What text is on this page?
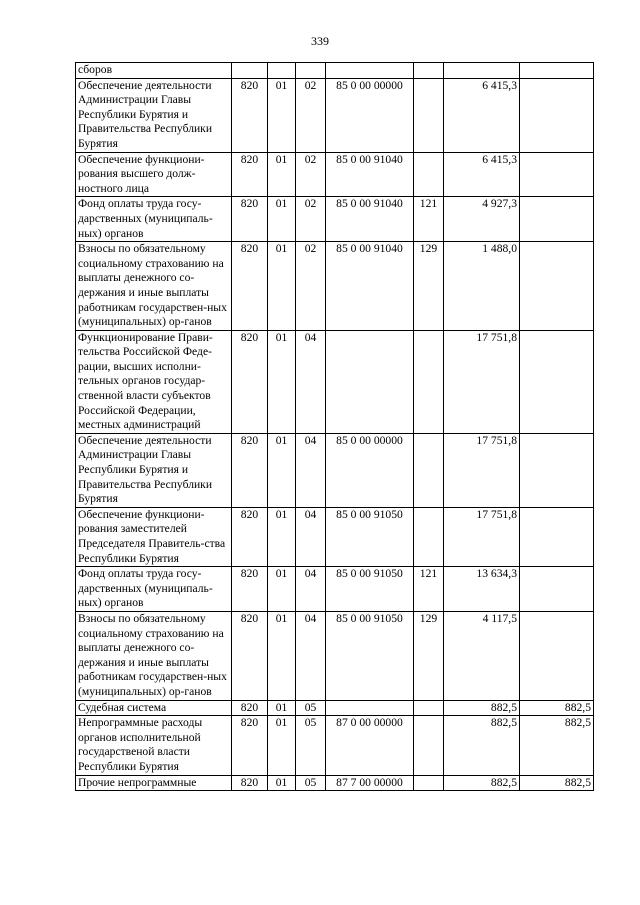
339
сборов							
Обеспечение деятельности Администрации Главы Республики Бурятия и Правительства Республики Бурятия	820	01	02	85 0 00 00000		6 415,3	
Обеспечение функциони-рования высшего долж-ностного лица	820	01	02	85 0 00 91040		6 415,3	
Фонд оплаты труда госу-дарственных (муниципаль-ных) органов	820	01	02	85 0 00 91040	121	4 927,3	
Взносы по обязательному социальному страхованию на выплаты денежного со-держания и иные выплаты работникам государствен-ных (муниципальных) ор-ганов	820	01	02	85 0 00 91040	129	1 488,0	
Функционирование Прави-тельства Российской Феде-рации, высших исполни-тельных органов государ-ственной власти субъектов Российской Федерации, местных администраций	820	01	04			17 751,8	
Обеспечение деятельности Администрации Главы Республики Бурятия и Правительства Республики Бурятия	820	01	04	85 0 00 00000		17 751,8	
Обеспечение функциони-рования заместителей Председателя Правитель-ства Республики Бурятия	820	01	04	85 0 00 91050		17 751,8	
Фонд оплаты труда госу-дарственных (муниципаль-ных) органов	820	01	04	85 0 00 91050	121	13 634,3	
Взносы по обязательному социальному страхованию на выплаты денежного со-держания и иные выплаты работникам государствен-ных (муниципальных) ор-ганов	820	01	04	85 0 00 91050	129	4 117,5	
Судебная система	820	01	05			882,5	882,5
Непрограммные расходы органов исполнительной государственой власти Республики Бурятия	820	01	05	87 0 00 00000		882,5	882,5
Прочие непрограммные	820	01	05	87 7 00 00000		882,5	882,5
